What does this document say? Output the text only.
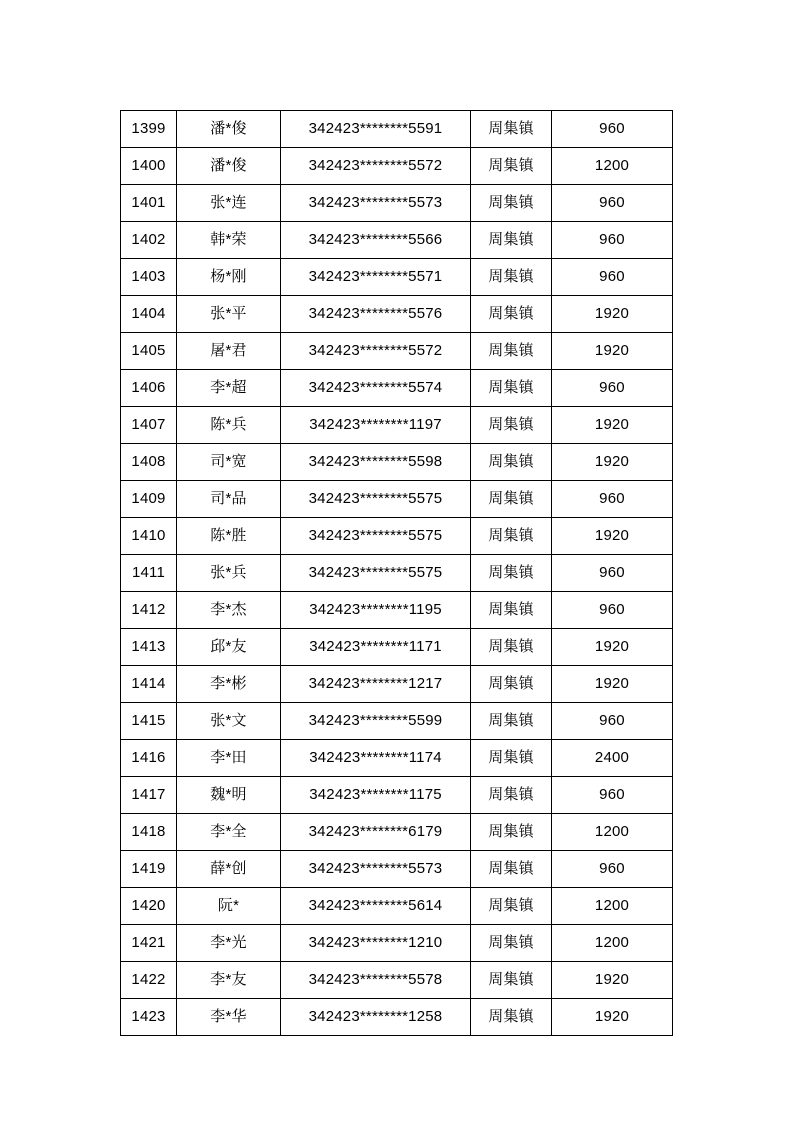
1399	潘*俊	342423********5591	周集镇	960
1400	潘*俊	342423********5572	周集镇	1200
1401	张*连	342423********5573	周集镇	960
1402	韩*荣	342423********5566	周集镇	960
1403	杨*刚	342423********5571	周集镇	960
1404	张*平	342423********5576	周集镇	1920
1405	屠*君	342423********5572	周集镇	1920
1406	李*超	342423********5574	周集镇	960
1407	陈*兵	342423********1197	周集镇	1920
1408	司*宽	342423********5598	周集镇	1920
1409	司*品	342423********5575	周集镇	960
1410	陈*胜	342423********5575	周集镇	1920
1411	张*兵	342423********5575	周集镇	960
1412	李*杰	342423********1195	周集镇	960
1413	邱*友	342423********1171	周集镇	1920
1414	李*彬	342423********1217	周集镇	1920
1415	张*文	342423********5599	周集镇	960
1416	李*田	342423********1174	周集镇	2400
1417	魏*明	342423********1175	周集镇	960
1418	李*全	342423********6179	周集镇	1200
1419	薛*创	342423********5573	周集镇	960
1420	阮*	342423********5614	周集镇	1200
1421	李*光	342423********1210	周集镇	1200
1422	李*友	342423********5578	周集镇	1920
1423	李*华	342423********1258	周集镇	1920
